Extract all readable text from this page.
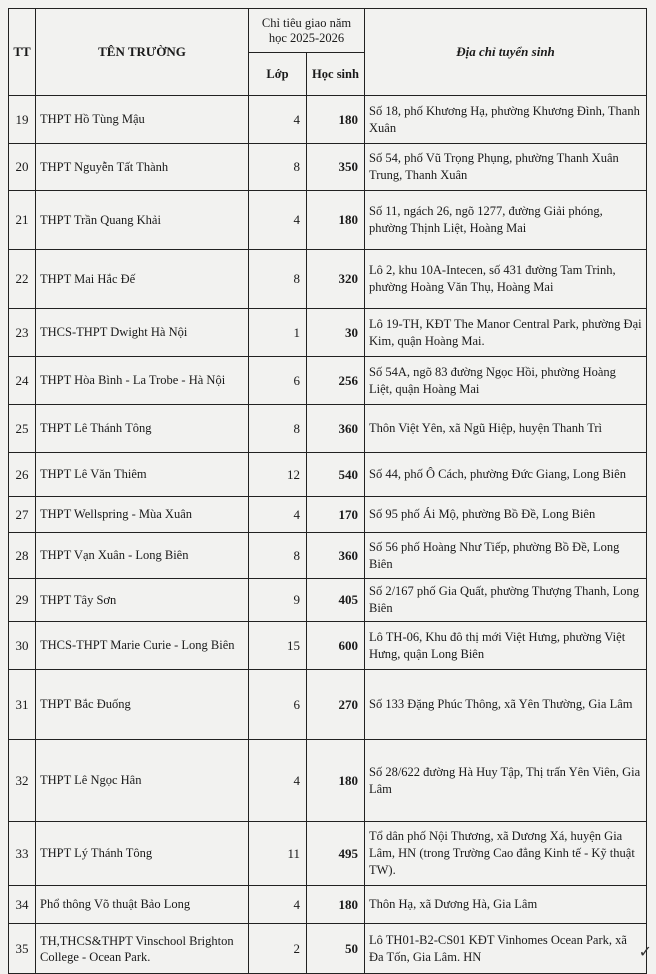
TT	TÊN TRƯỜNG	Chỉ tiêu giao năm học 2025-2026		Địa chỉ tuyển sinh
		Lớp	Học sinh	
19	THPT Hồ Tùng Mậu	4	180	Số 18, phố Khương Hạ, phường Khương Đình, Thanh Xuân
20	THPT Nguyễn Tất Thành	8	350	Số 54, phố Vũ Trọng Phụng, phường Thanh Xuân Trung, Thanh Xuân
21	THPT Trần Quang Khải	4	180	Số 11, ngách 26, ngõ 1277, đường Giải phóng, phường Thịnh Liệt, Hoàng Mai
22	THPT Mai Hắc Đế	8	320	Lô 2, khu 10A-Intecen, số 431 đường Tam Trinh, phường Hoàng Văn Thụ, Hoàng Mai
23	THCS-THPT Dwight Hà Nội	1	30	Lô 19-TH, KĐT The Manor Central Park, phường Đại Kim, quận Hoàng Mai.
24	THPT Hòa Bình - La Trobe - Hà Nội	6	256	Số 54A, ngõ 83 đường Ngọc Hồi, phường Hoàng Liệt, quận Hoàng Mai
25	THPT Lê Thánh Tông	8	360	Thôn Việt Yên, xã Ngũ Hiệp, huyện Thanh Trì
26	THPT Lê Văn Thiêm	12	540	Số 44, phố Ô Cách, phường Đức Giang, Long Biên
27	THPT Wellspring - Mùa Xuân	4	170	Số 95 phố Ái Mộ, phường Bồ Đề, Long Biên
28	THPT Vạn Xuân - Long Biên	8	360	Số 56 phố Hoàng Như Tiếp, phường Bồ Đề, Long Biên
29	THPT Tây Sơn	9	405	Số 2/167 phố Gia Quất, phường Thượng Thanh, Long Biên
30	THCS-THPT Marie Curie - Long Biên	15	600	Lô TH-06, Khu đô thị mới Việt Hưng, phường Việt Hưng, quận Long Biên
31	THPT Bắc Đuống	6	270	Số 133 Đặng Phúc Thông, xã Yên Thường, Gia Lâm
32	THPT Lê Ngọc Hân	4	180	Số 28/622 đường Hà Huy Tập, Thị trấn Yên Viên, Gia Lâm
33	THPT Lý Thánh Tông	11	495	Tổ dân phố Nội Thương, xã Dương Xá, huyện Gia Lâm, HN (trong Trường Cao đẳng Kinh tế - Kỹ thuật TW).
34	Phổ thông Võ thuật Bảo Long	4	180	Thôn Hạ, xã Dương Hà, Gia Lâm
35	TH,THCS&THPT Vinschool Brighton College - Ocean Park.	2	50	Lô TH01-B2-CS01 KĐT Vinhomes Ocean Park, xã Đa Tốn, Gia Lâm. HN	✓
